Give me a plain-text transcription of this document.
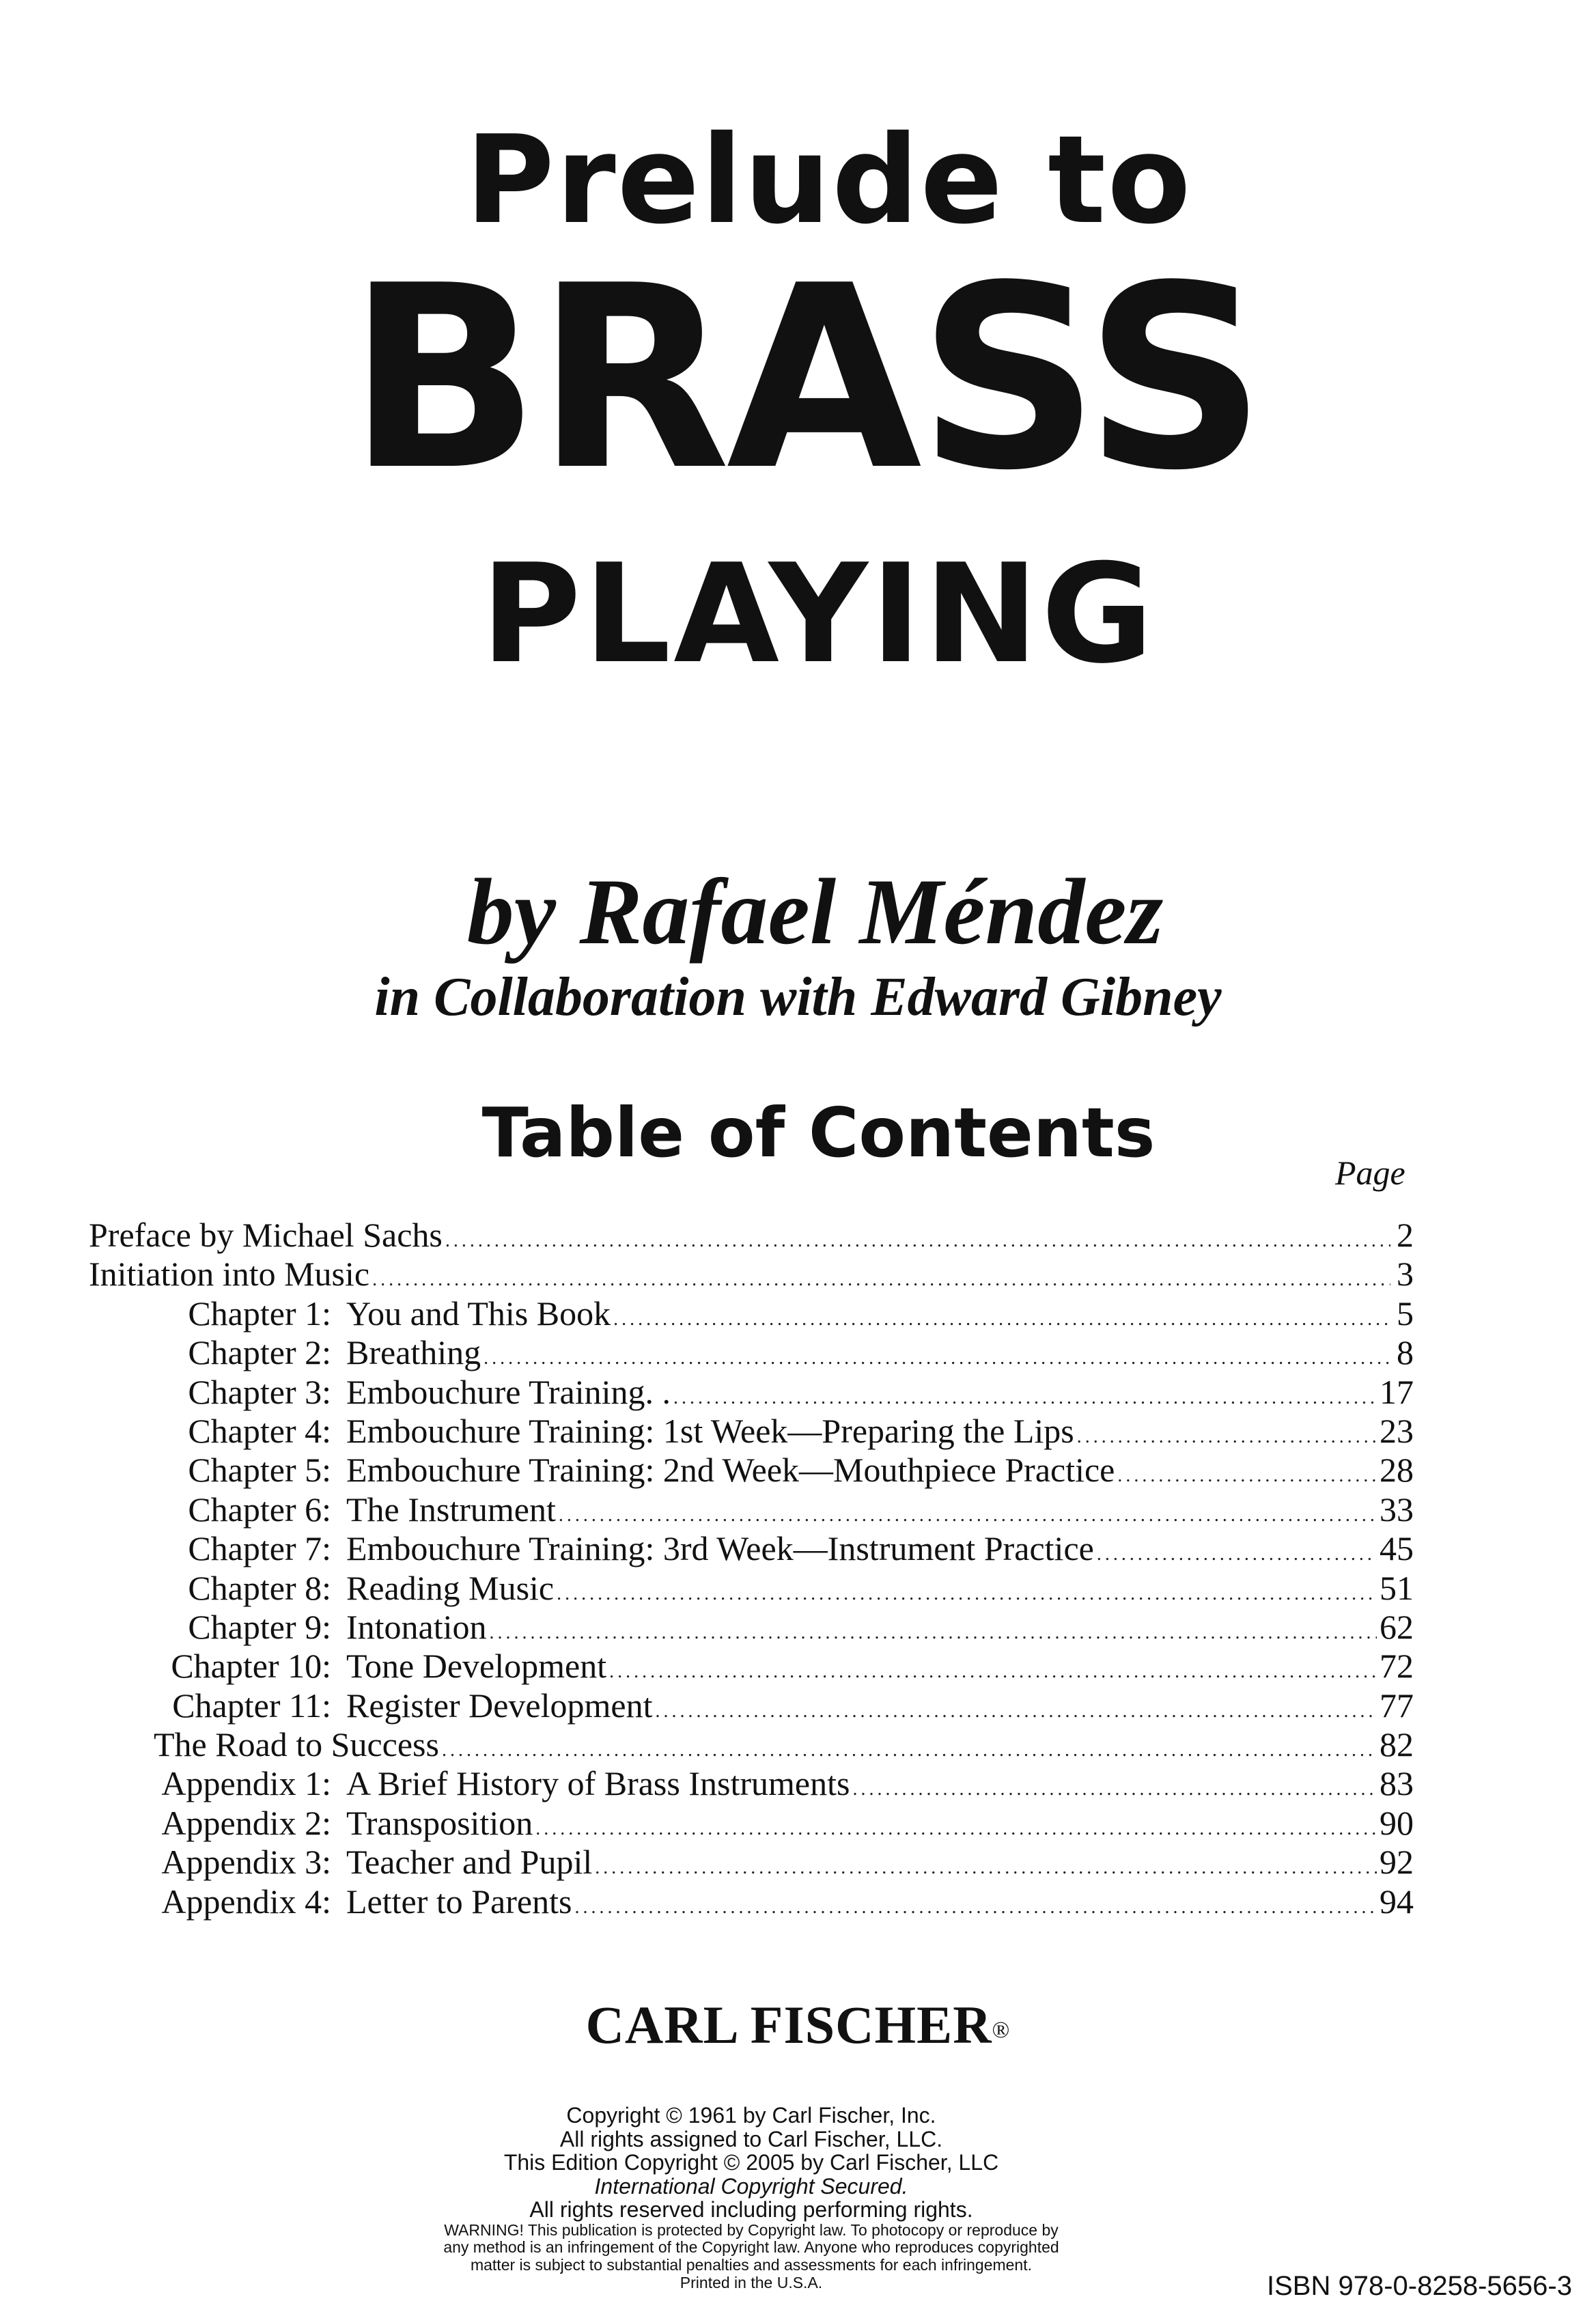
Prelude to
BRASS
PLAYING
by Rafael Méndez
in Collaboration with Edward Gibney
Table of Contents	Page
Preface by Michael Sachs .....	2
Initiation into Music .....	3
Chapter 1: You and This Book .....	5
Chapter 2: Breathing .....	8
Chapter 3: Embouchure Training. . .....	17
Chapter 4: Embouchure Training: 1st Week—Preparing the Lips .....	23
Chapter 5: Embouchure Training: 2nd Week—Mouthpiece Practice .....	28
Chapter 6: The Instrument .....	33
Chapter 7: Embouchure Training: 3rd Week—Instrument Practice .....	45
Chapter 8: Reading Music .....	51
Chapter 9: Intonation .....	62
Chapter 10: Tone Development .....	72
Chapter 11: Register Development .....	77
The Road to Success .....	82
Appendix 1: A Brief History of Brass Instruments .....	83
Appendix 2: Transposition .....	90
Appendix 3: Teacher and Pupil .....	92
Appendix 4: Letter to Parents .....	94
CARL FISCHER®
Copyright © 1961 by Carl Fischer, Inc.
All rights assigned to Carl Fischer, LLC.
This Edition Copyright © 2005 by Carl Fischer, LLC
International Copyright Secured.
All rights reserved including performing rights.
WARNING! This publication is protected by Copyright law. To photocopy or reproduce by
any method is an infringement of the Copyright law. Anyone who reproduces copyrighted
matter is subject to substantial penalties and assessments for each infringement.
Printed in the U.S.A.	ISBN 978-0-8258-5656-3
